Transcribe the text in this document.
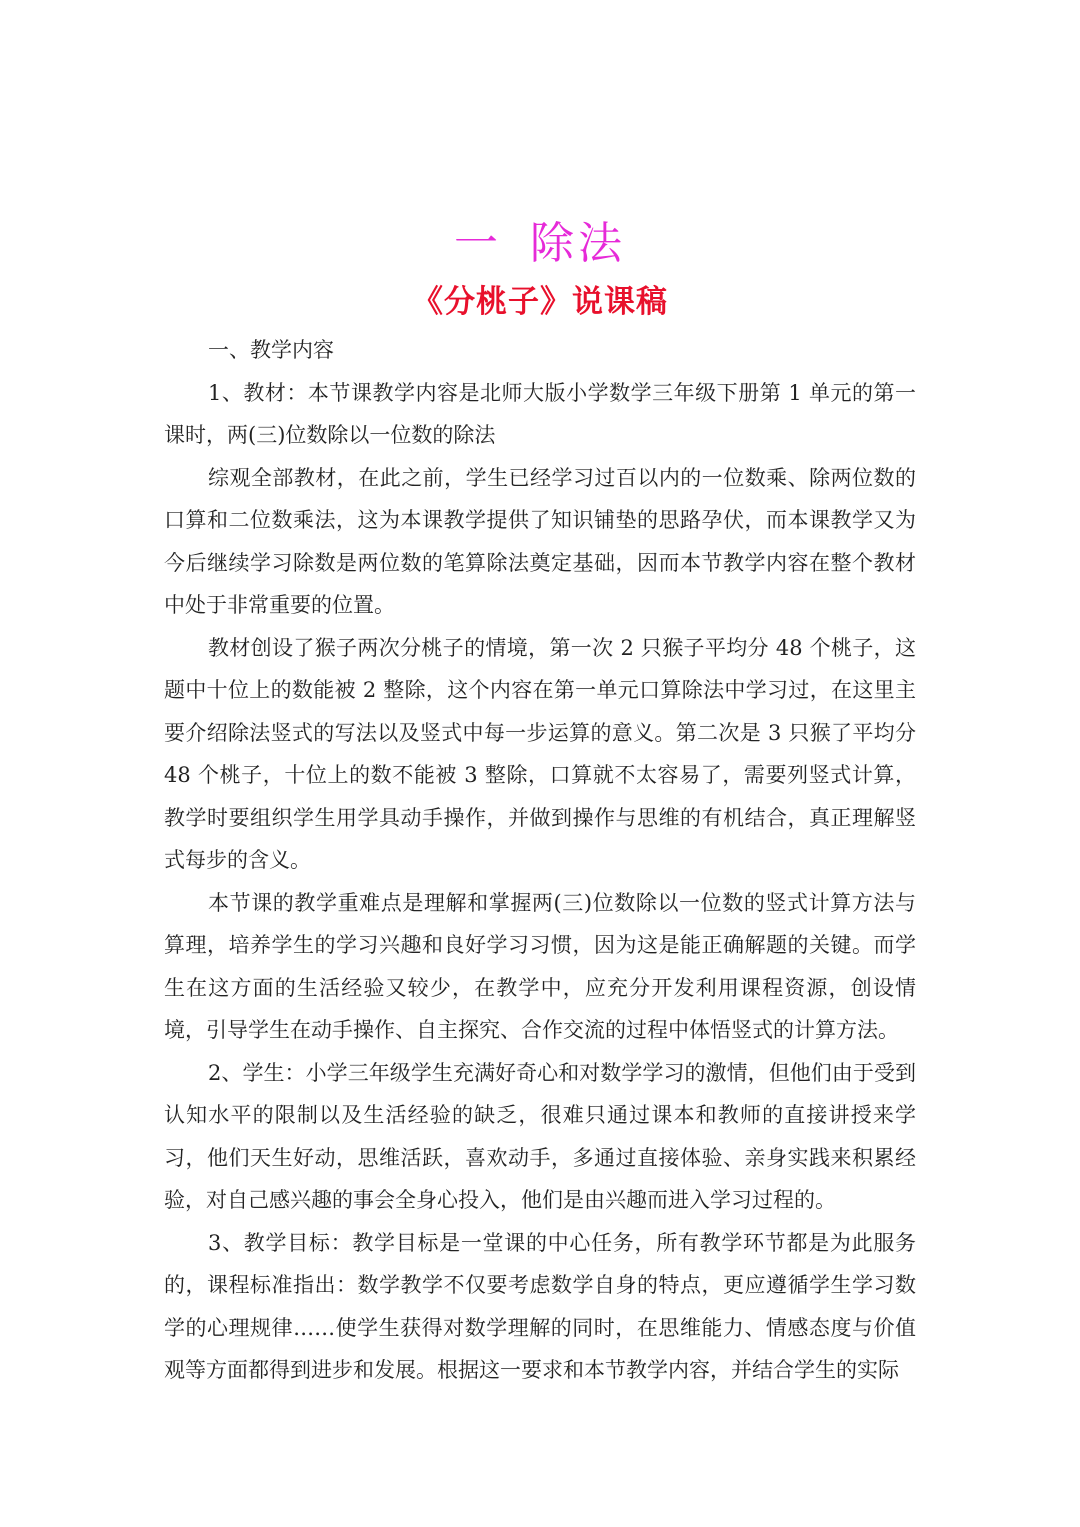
一 除法
《分桃子》说课稿

一、教学内容

1、教材：本节课教学内容是北师大版小学数学三年级下册第 1 单元的第一课时，两(三)位数除以一位数的除法

综观全部教材，在此之前，学生已经学习过百以内的一位数乘、除两位数的口算和二位数乘法，这为本课教学提供了知识铺垫的思路孕伏，而本课教学又为今后继续学习除数是两位数的笔算除法奠定基础，因而本节教学内容在整个教材中处于非常重要的位置。

教材创设了猴子两次分桃子的情境，第一次 2 只猴子平均分 48 个桃子，这题中十位上的数能被 2 整除，这个内容在第一单元口算除法中学习过，在这里主要介绍除法竖式的写法以及竖式中每一步运算的意义。第二次是 3 只猴了平均分 48 个桃子，十位上的数不能被 3 整除，口算就不太容易了，需要列竖式计算，教学时要组织学生用学具动手操作，并做到操作与思维的有机结合，真正理解竖式每步的含义。

本节课的教学重难点是理解和掌握两(三)位数除以一位数的竖式计算方法与算理，培养学生的学习兴趣和良好学习习惯，因为这是能正确解题的关键。而学生在这方面的生活经验又较少，在教学中，应充分开发利用课程资源，创设情境，引导学生在动手操作、自主探究、合作交流的过程中体悟竖式的计算方法。

2、学生：小学三年级学生充满好奇心和对数学学习的激情，但他们由于受到认知水平的限制以及生活经验的缺乏，很难只通过课本和教师的直接讲授来学习，他们天生好动，思维活跃，喜欢动手，多通过直接体验、亲身实践来积累经验，对自己感兴趣的事会全身心投入，他们是由兴趣而进入学习过程的。

3、教学目标：教学目标是一堂课的中心任务，所有教学环节都是为此服务的，课程标准指出：数学教学不仅要考虑数学自身的特点，更应遵循学生学习数学的心理规律……使学生获得对数学理解的同时，在思维能力、情感态度与价值观等方面都得到进步和发展。根据这一要求和本节教学内容，并结合学生的实际
